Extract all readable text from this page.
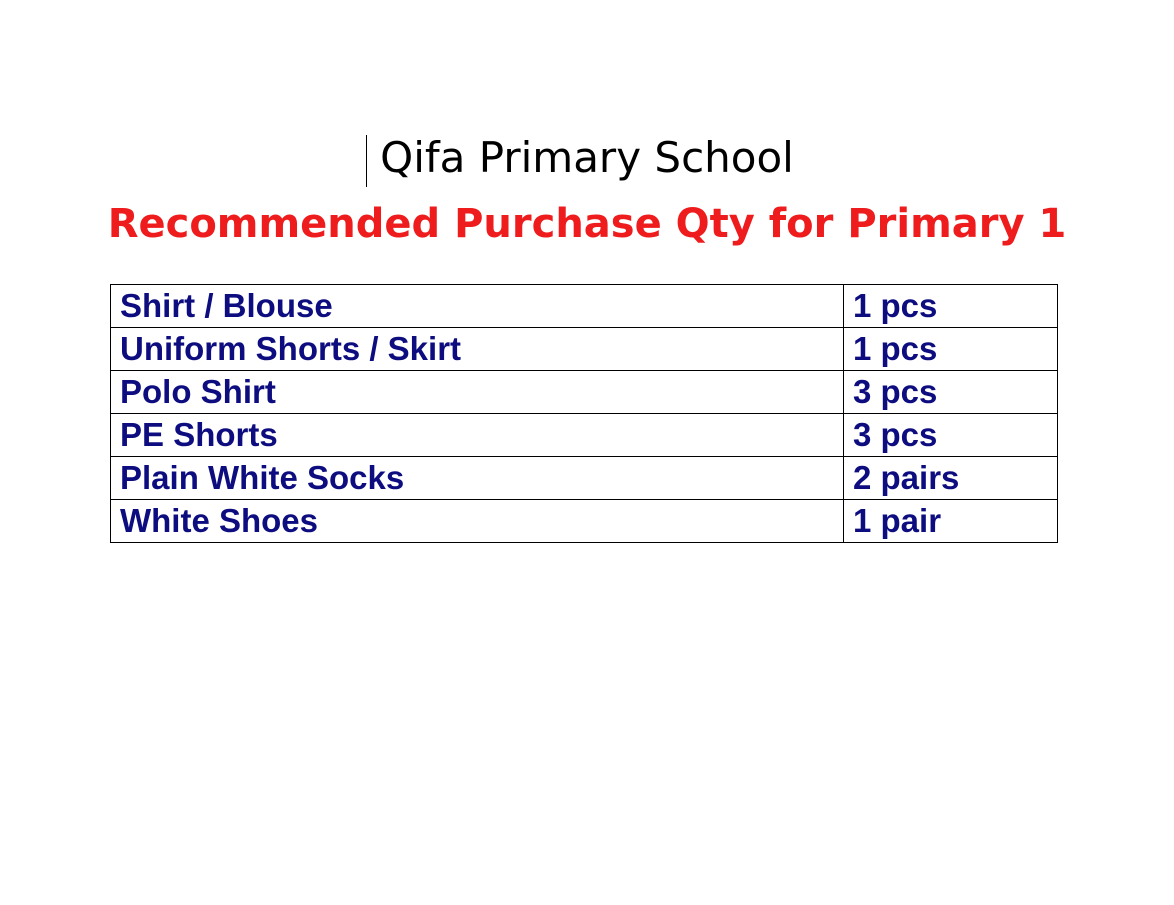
Qifa Primary School
Recommended Purchase Qty for Primary 1
Shirt / Blouse	1 pcs
Uniform Shorts / Skirt	1 pcs
Polo Shirt	3 pcs
PE Shorts	3 pcs
Plain White Socks	2 pairs
White Shoes	1 pair
